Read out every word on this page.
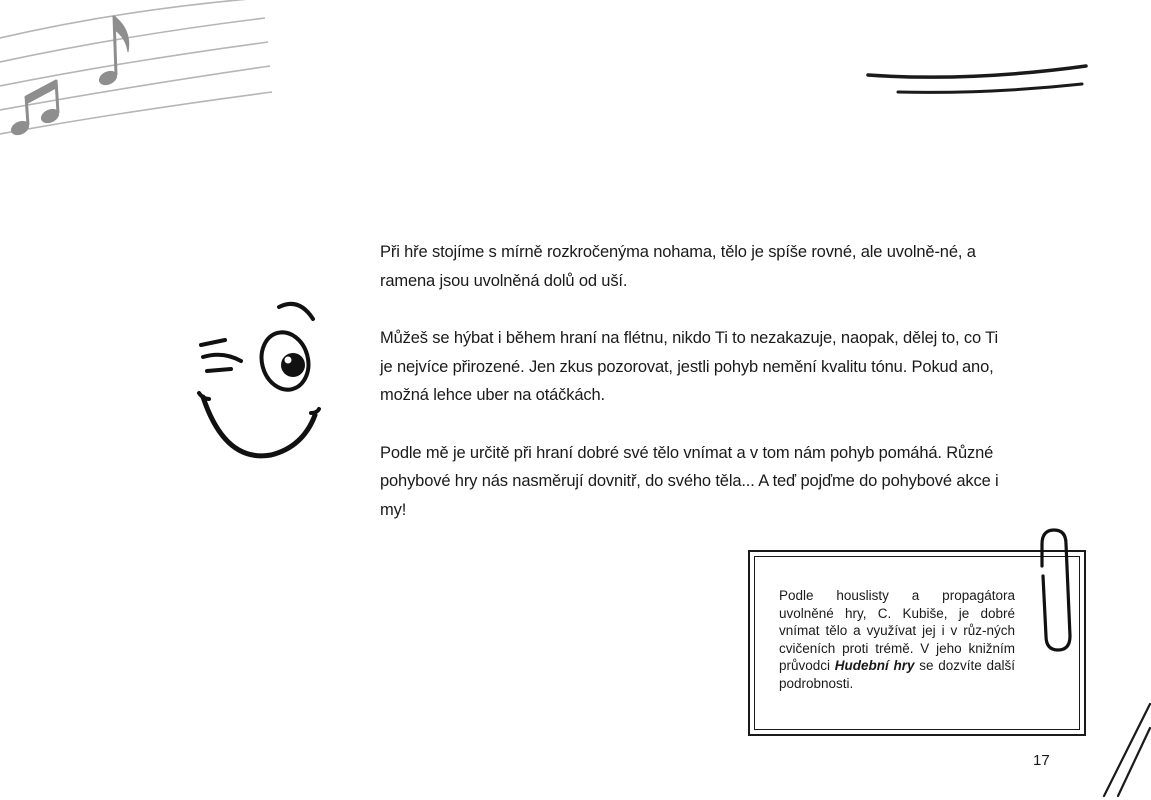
Při hře stojíme s mírně rozkročenýma nohama, tělo je spíše rovné, ale uvolně-né, a ramena jsou uvolněná dolů od uší.

Můžeš se hýbat i během hraní na flétnu, nikdo Ti to nezakazuje, naopak, dělej to, co Ti je nejvíce přirozené. Jen zkus pozorovat, jestli pohyb nemění kvalitu tónu. Pokud ano, možná lehce uber na otáčkách.

Podle mě je určitě při hraní dobré své tělo vnímat a v tom nám pohyb pomáhá. Různé pohybové hry nás nasměrují dovnitř, do svého těla... A teď pojďme do pohybové akce i my!

Podle houslisty a propagátora uvolněné hry, C. Kubiše, je dobré vnímat tělo a využívat jej i v růz-ných cvičeních proti trémě. V jeho knižním průvodci Hudební hry se dozvíte další podrobnosti.
17
